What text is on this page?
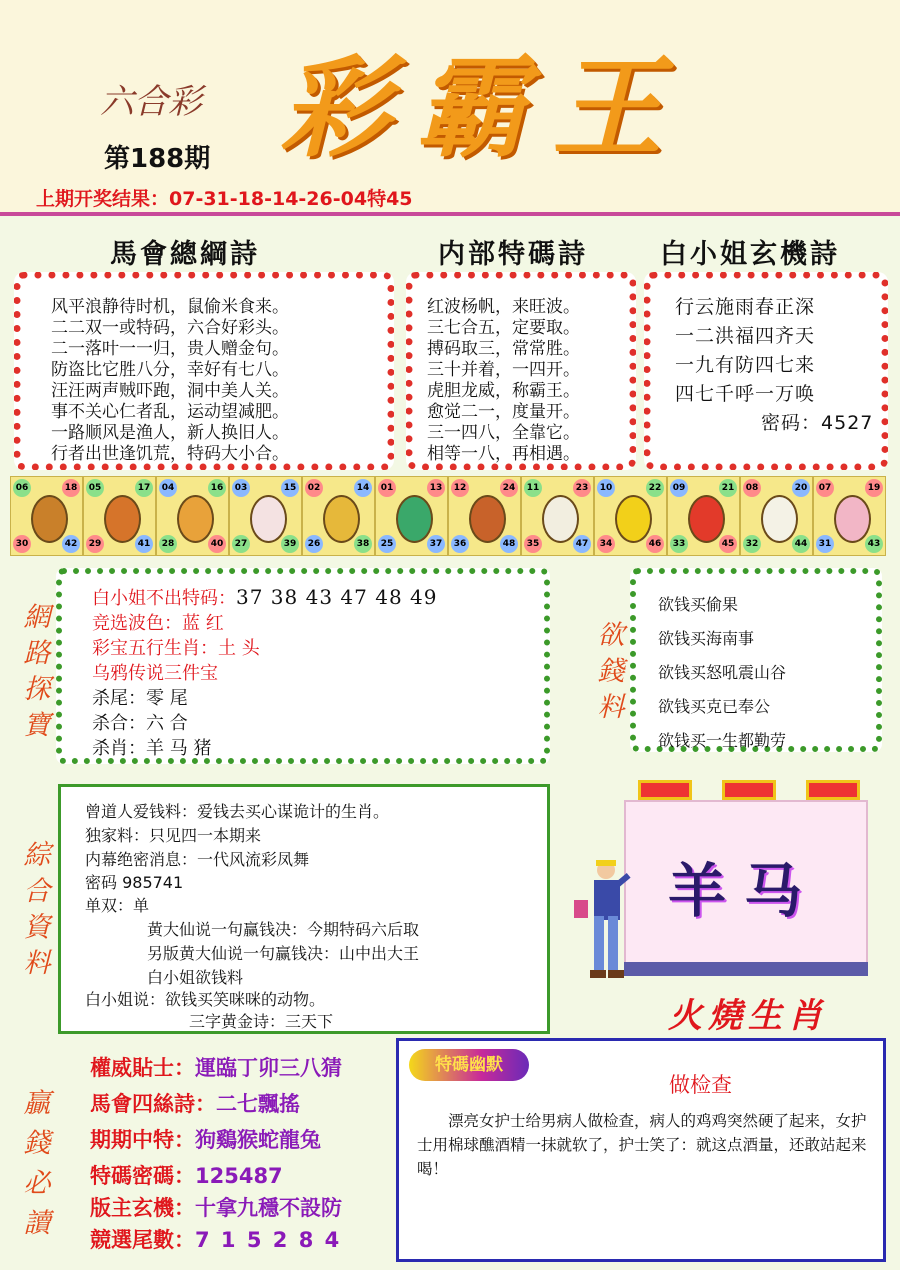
六合彩 彩霸王
第188期
上期开奖结果：07-31-18-14-26-04特45
馬會總綱詩	内部特碼詩	白小姐玄機詩
风平浪静待时机，鼠偷米食来。
二二双一或特码，六合好彩头。
二一落叶一一归，贵人赠金句。
防盗比它胜八分，幸好有七八。
汪汪两声贼吓跑，洞中美人关。
事不关心仁者乱，运动望减肥。
一路顺风是渔人，新人换旧人。
行者出世逢饥荒，特码大小合。
红波杨帆，来旺波。
三七合五，定要取。
搏码取三，常常胜。
三十并着，一四开。
虎胆龙威，称霸王。
愈觉二一，度量开。
三一四八，全靠它。
相等一八，再相遇。
行云施雨春正深
一二洪福四齐天
一九有防四七来
四七千呼一万唤
密码：4527
06	18
30	42
05	17
29	41
04	16
28	40
03	15
27	39
02	14
26	38
01	13
25	37
12	24
36	48
11	23
35	47
10	22
34	46
09	21
33	45
08	20
32	44
07	19
31	43
網路探寶
白小姐不出特码：37 38 43 47 48 49
竞选波色：蓝 红
彩宝五行生肖：土 头
乌鸦传说三件宝
杀尾：零 尾
杀合：六 合
杀肖：羊 马 猪
欲錢料
欲钱买偷果
欲钱买海南事
欲钱买怒吼震山谷
欲钱买克已奉公
欲钱买一生都勤劳
綜合資料
曾道人爱钱料：爱钱去买心谋诡计的生肖。
独家料：只见四一本期来
内幕绝密消息：一代风流彩凤舞
密码 985741
单双：单
黄大仙说一句赢钱决：今期特码六后取
另版黄大仙说一句赢钱决：山中出大王
白小姐欲钱料
白小姐说：欲钱买笑咪咪的动物。
三字黄金诗：三天下
羊马
火燒生肖
贏錢必讀
權威貼士：運臨丁卯三八猜
馬會四絲詩：二七飄搖
期期中特：狗鷄猴蛇龍兔
特碼密碼：125487
版主玄機：十拿九穩不設防
競選尾數：7 1 5 2 8 4
特碼幽默
做检查
漂亮女护士给男病人做检查，病人的鸡鸡突然硬了起来，女护士用棉球醮酒精一抹就软了，护士笑了：就这点酒量，还敢站起来喝！
